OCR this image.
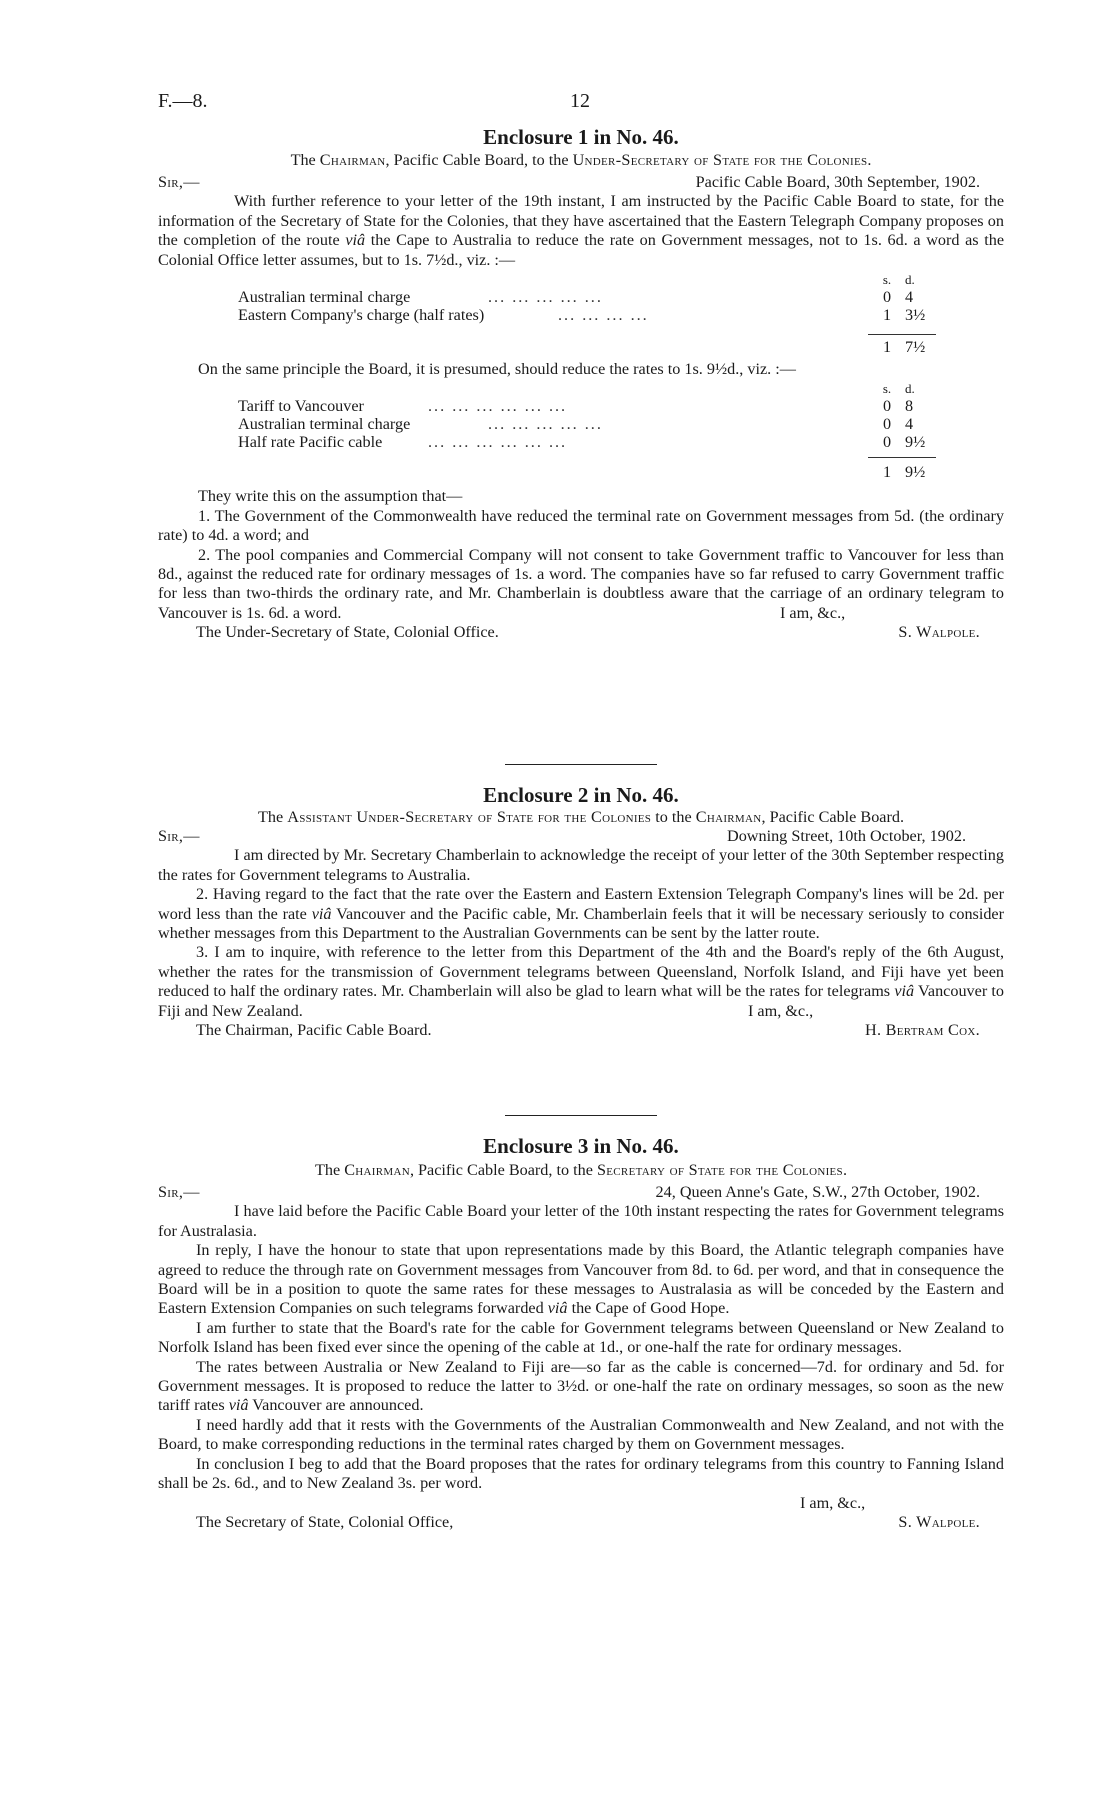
F.—8.	12
Enclosure 1 in No. 46.

The Chairman, Pacific Cable Board, to the Under-Secretary of State for the Colonies.

Sir,—	Pacific Cable Board, 30th September, 1902.

With further reference to your letter of the 19th instant, I am instructed by the Pacific Cable Board to state, for the information of the Secretary of State for the Colonies, that they have ascertained that the Eastern Telegraph Company proposes on the completion of the route viâ the Cape to Australia to reduce the rate on Government messages, not to 1s. 6d. a word as the Colonial Office letter assumes, but to 1s. 7½d., viz. :—

s. d.
Australian terminal charge	... ... ... ... ...	0 4
Eastern Company's charge (half rates)	... ... ... ...	1 3½
1 7½

On the same principle the Board, it is presumed, should reduce the rates to 1s. 9½d., viz. :—

s. d.
Tariff to Vancouver	... ... ... ... ... ...	0 8
Australian terminal charge	... ... ... ... ...	0 4
Half rate Pacific cable	... ... ... ... ... ...	0 9½
1 9½

They write this on the assumption that—

1. The Government of the Commonwealth have reduced the terminal rate on Government messages from 5d. (the ordinary rate) to 4d. a word; and

2. The pool companies and Commercial Company will not consent to take Government traffic to Vancouver for less than 8d., against the reduced rate for ordinary messages of 1s. a word. The companies have so far refused to carry Government traffic for less than two-thirds the ordinary rate, and Mr. Chamberlain is doubtless aware that the carriage of an ordinary telegram to Vancouver is 1s. 6d. a word.	I am, &c.,
The Under-Secretary of State, Colonial Office.	S. Walpole.
Enclosure 2 in No. 46.

The Assistant Under-Secretary of State for the Colonies to the Chairman, Pacific Cable Board.

Sir,—	Downing Street, 10th October, 1902.

I am directed by Mr. Secretary Chamberlain to acknowledge the receipt of your letter of the 30th September respecting the rates for Government telegrams to Australia.

2. Having regard to the fact that the rate over the Eastern and Eastern Extension Telegraph Company's lines will be 2d. per word less than the rate viâ Vancouver and the Pacific cable, Mr. Chamberlain feels that it will be necessary seriously to consider whether messages from this Department to the Australian Governments can be sent by the latter route.

3. I am to inquire, with reference to the letter from this Department of the 4th and the Board's reply of the 6th August, whether the rates for the transmission of Government telegrams between Queensland, Norfolk Island, and Fiji have yet been reduced to half the ordinary rates. Mr. Chamberlain will also be glad to learn what will be the rates for telegrams viâ Vancouver to Fiji and New Zealand.	I am, &c.,
The Chairman, Pacific Cable Board.	H. Bertram Cox.
Enclosure 3 in No. 46.

The Chairman, Pacific Cable Board, to the Secretary of State for the Colonies.

Sir,—	24, Queen Anne's Gate, S.W., 27th October, 1902.

I have laid before the Pacific Cable Board your letter of the 10th instant respecting the rates for Government telegrams for Australasia.

In reply, I have the honour to state that upon representations made by this Board, the Atlantic telegraph companies have agreed to reduce the through rate on Government messages from Vancouver from 8d. to 6d. per word, and that in consequence the Board will be in a position to quote the same rates for these messages to Australasia as will be conceded by the Eastern and Eastern Extension Companies on such telegrams forwarded viâ the Cape of Good Hope.

I am further to state that the Board's rate for the cable for Government telegrams between Queensland or New Zealand to Norfolk Island has been fixed ever since the opening of the cable at 1d., or one-half the rate for ordinary messages.

The rates between Australia or New Zealand to Fiji are—so far as the cable is concerned—7d. for ordinary and 5d. for Government messages. It is proposed to reduce the latter to 3½d. or one-half the rate on ordinary messages, so soon as the new tariff rates viâ Vancouver are announced.

I need hardly add that it rests with the Governments of the Australian Commonwealth and New Zealand, and not with the Board, to make corresponding reductions in the terminal rates charged by them on Government messages.

In conclusion I beg to add that the Board proposes that the rates for ordinary telegrams from this country to Fanning Island shall be 2s. 6d., and to New Zealand 3s. per word.

I am, &c.,
The Secretary of State, Colonial Office,	S. Walpole.
